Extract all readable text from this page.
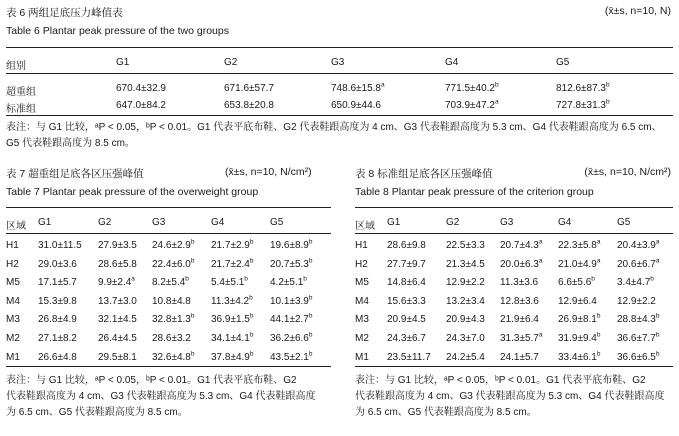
表 6 两组足底压力峰值表	(x̄±s, n=10, N)
Table 6 Plantar peak pressure of the two groups
组别	G1	G2	G3	G4	G5
超重组	670.4±32.9	671.6±57.7	748.6±15.8$^a$	771.5±40.2$^b$	812.6±87.3$^b$
标准组	647.0±84.2	653.8±20.8	650.9±44.6	703.9±47.2$^a$	727.8±31.3$^b$
表注：与 G1 比较，ᵃP < 0.05，ᵇP < 0.01。G1 代表平底布鞋、G2 代表鞋跟高度为 4 cm、G3 代表鞋跟高度为 5.3 cm、G4 代表鞋跟高度为 6.5 cm、
G5 代表鞋跟高度为 8.5 cm。
表 7 超重组足底各区压强峰值	(x̄±s, n=10, N/cm²)
Table 7 Plantar peak pressure of the overweight group
区域 G1	G2	G3	G4	G5
H1 31.0±11.5 27.9±3.5 24.6±2.9$^b$ 21.7±2.9$^b$ 19.6±8.9$^b$
H2 29.0±3.6 28.6±5.8 22.4±6.0$^b$ 21.7±2.4$^b$ 20.7±5.3$^b$
M5 17.1±5.7 9.9±2.4$^a$ 8.2±5.4$^b$ 5.4±5.1$^b$ 4.2±5.1$^b$
M4 15.3±9.8 13.7±3.0 10.8±4.8 11.3±4.2$^b$ 10.1±3.9$^b$
M3 26.8±4.9 32.1±4.5 32.8±1.3$^b$ 36.9±1.5$^b$ 44.1±2.7$^b$
M2 27.1±8.2 26.4±4.5 28.6±3.2 34.1±4.1$^b$ 36.2±6.6$^b$
M1 26.6±4.8 29.5±8.1 32.6±4.8$^b$ 37.8±4.9$^b$ 43.5±2.1$^b$
表注：与 G1 比较，ᵃP < 0.05，ᵇP < 0.01。G1 代表平底布鞋、G2
代表鞋跟高度为 4 cm、G3 代表鞋跟高度为 5.3 cm、G4 代表鞋跟高度
为 6.5 cm、G5 代表鞋跟高度为 8.5 cm。
表 8 标准组足底各区压强峰值	(x̄±s, n=10, N/cm²)
Table 8 Plantar peak pressure of the criterion group
区域 G1	G2	G3	G4	G5
H1 28.6±9.8 22.5±3.3 20.7±4.3$^a$ 22.3±5.8$^a$ 20.4±3.9$^a$
H2 27.7±9.7 21.3±4.5 20.0±6.3$^a$ 21.0±4.9$^a$ 20.6±6.7$^a$
M5 14.8±6.4 12.9±2.2 11.3±3.6 6.6±5.6$^b$ 3.4±4.7$^b$
M4 15.6±3.3 13.2±3.4 12.8±3.6 12.9±6.4 12.9±2.2
M3 20.9±4.5 20.9±4.3 21.9±6.4 26.9±8.1$^b$ 28.8±4.3$^b$
M2 24.3±6.7 24.3±7.0 31.3±5.7$^a$ 31.9±9.4$^b$ 36.6±7.7$^b$
M1 23.5±11.7 24.2±5.4 24.1±5.7 33.4±6.1$^b$ 36.6±6.5$^b$
表注：与 G1 比较，ᵃP < 0.05，ᵇP < 0.01。G1 代表平底布鞋、G2
代表鞋跟高度为 4 cm、G3 代表鞋跟高度为 5.3 cm、G4 代表鞋跟高度
为 6.5 cm、G5 代表鞋跟高度为 8.5 cm。
